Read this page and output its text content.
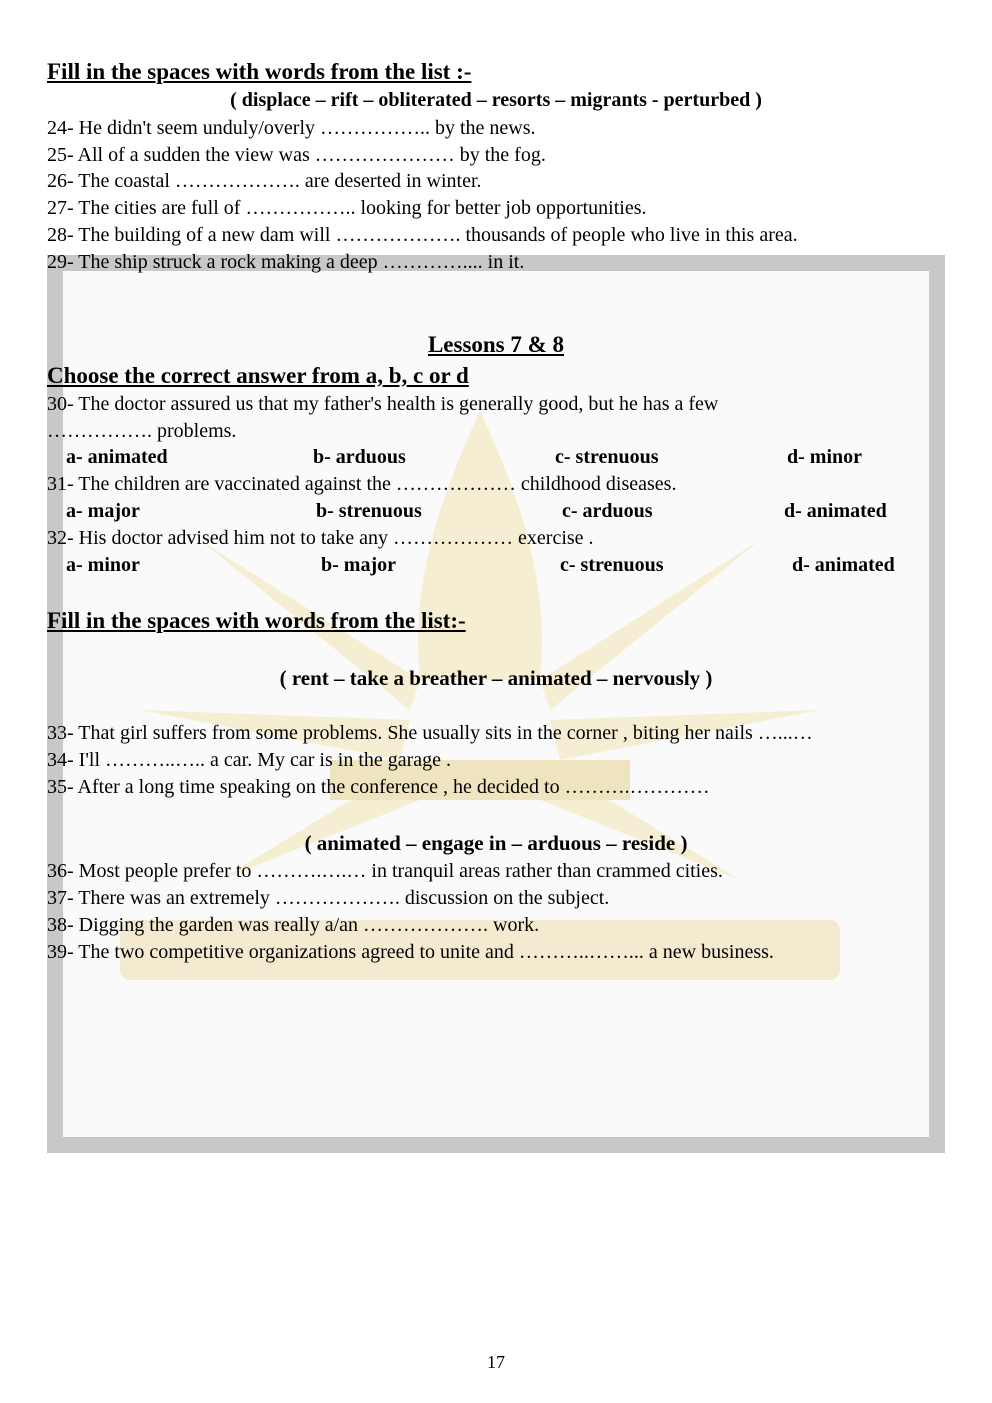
Fill in the spaces with words from the list :-
( displace – rift – obliterated – resorts – migrants - perturbed )
24- He didn't seem unduly/overly …………….. by the news.
25- All of a sudden the view was ………………… by the fog.
26- The coastal ………………. are deserted in winter.
27- The cities are full of …………….. looking for better job opportunities.
28- The building of a new dam will ………………. thousands of people who live in this area.
29- The ship struck a rock making a deep ………….... in it.
Lessons 7 & 8
Choose the correct answer from a, b, c or d
30- The doctor assured us that my father's health is generally good, but he has a few
……………. problems.
a- animated	b- arduous	c- strenuous	d- minor
31- The children are vaccinated against the ……………… childhood diseases.
a- major	b- strenuous	c- arduous	d- animated
32- His doctor advised him not to take any ……………… exercise .
a- minor	b- major	c- strenuous	d- animated
Fill in the spaces with words from the list:-
( rent – take a breather – animated – nervously )
33- That girl suffers from some problems. She usually sits in the corner , biting her nails …...…
34- I'll ………..….. a car. My car is in the garage .
35- After a long time speaking on the conference , he decided to ……….…………
( animated – engage in – arduous – reside )
36- Most people prefer to ……….….… in tranquil areas rather than crammed cities.
37- There was an extremely ………………. discussion on the subject.
38- Digging the garden was really a/an ………………. work.
39- The two competitive organizations agreed to unite and ………..……... a new business.
17
